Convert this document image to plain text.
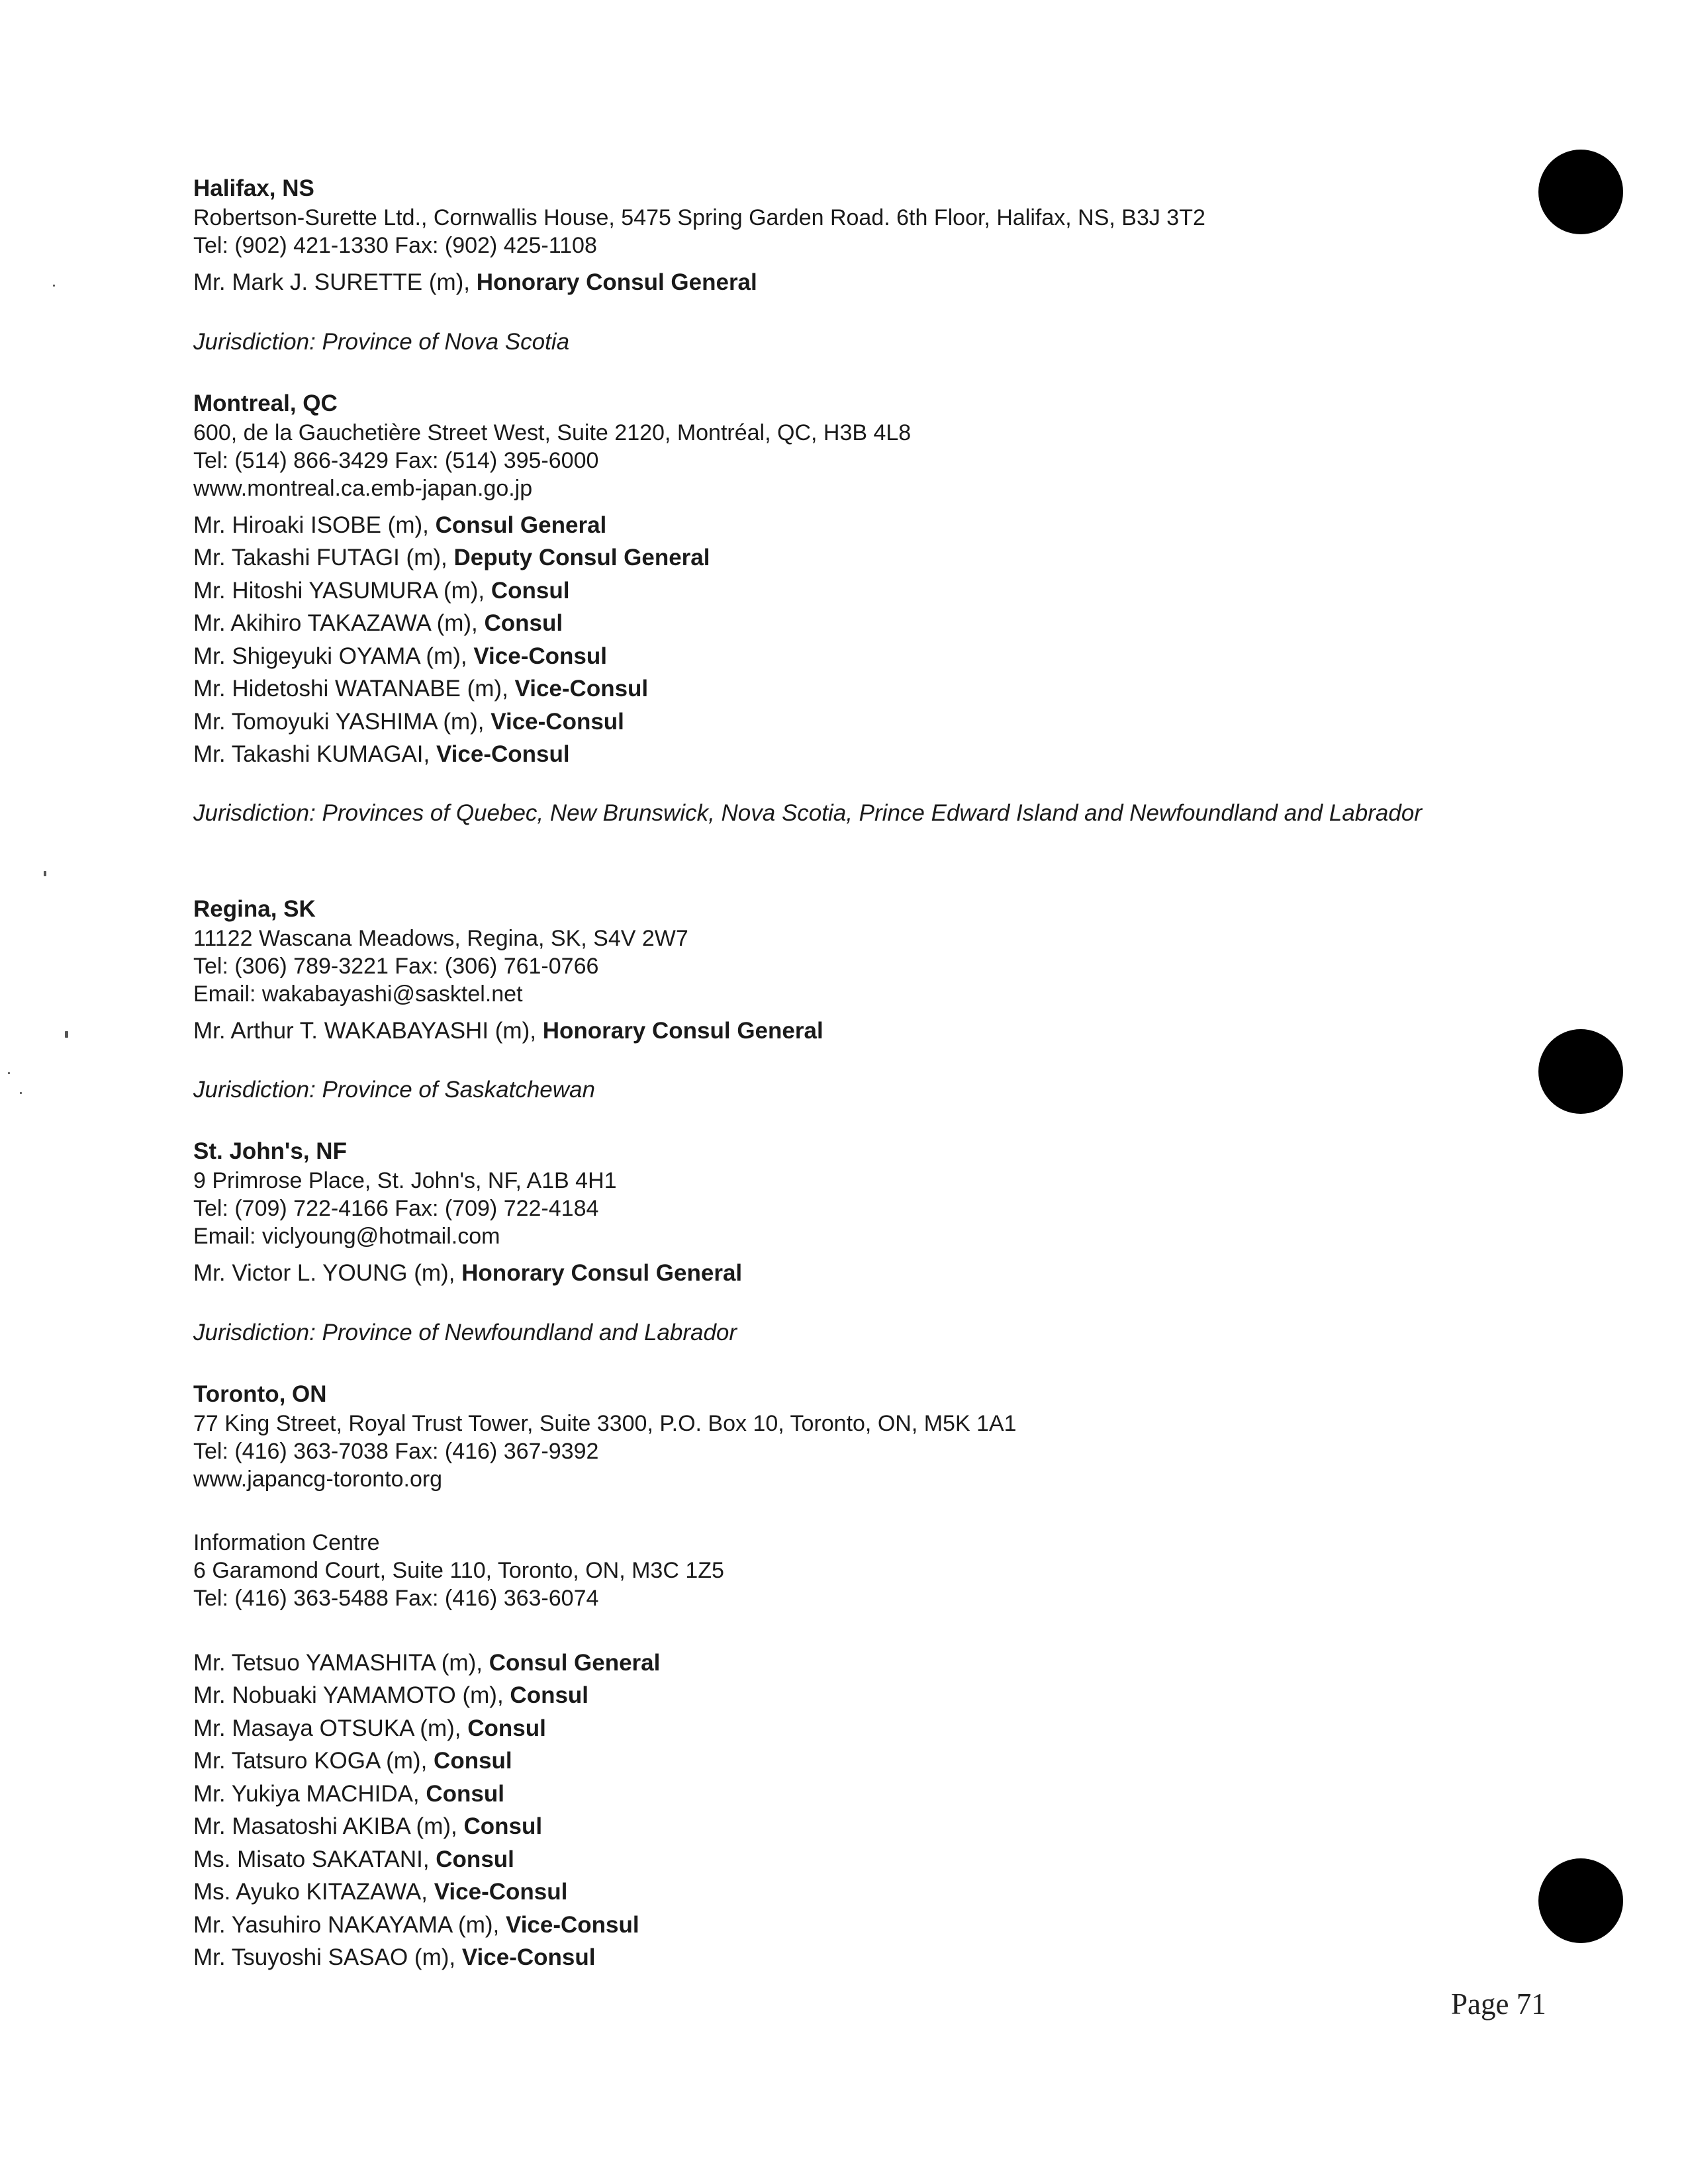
Halifax, NS
Robertson-Surette Ltd., Cornwallis House, 5475 Spring Garden Road. 6th Floor, Halifax, NS, B3J 3T2
Tel: (902) 421-1330 Fax: (902) 425-1108
Mr. Mark J. SURETTE (m), Honorary Consul General
Jurisdiction: Province of Nova Scotia
Montreal, QC
600, de la Gauchetière Street West, Suite 2120, Montréal, QC, H3B 4L8
Tel: (514) 866-3429 Fax: (514) 395-6000
www.montreal.ca.emb-japan.go.jp
Mr. Hiroaki ISOBE (m), Consul General
Mr. Takashi FUTAGI (m), Deputy Consul General
Mr. Hitoshi YASUMURA (m), Consul
Mr. Akihiro TAKAZAWA (m), Consul
Mr. Shigeyuki OYAMA (m), Vice-Consul
Mr. Hidetoshi WATANABE (m), Vice-Consul
Mr. Tomoyuki YASHIMA (m), Vice-Consul
Mr. Takashi KUMAGAI, Vice-Consul
Jurisdiction: Provinces of Quebec, New Brunswick, Nova Scotia, Prince Edward Island and Newfoundland and Labrador
Regina, SK
11122 Wascana Meadows, Regina, SK, S4V 2W7
Tel: (306) 789-3221 Fax: (306) 761-0766
Email: wakabayashi@sasktel.net
Mr. Arthur T. WAKABAYASHI (m), Honorary Consul General
Jurisdiction: Province of Saskatchewan
St. John's, NF
9 Primrose Place, St. John's, NF, A1B 4H1
Tel: (709) 722-4166 Fax: (709) 722-4184
Email: viclyoung@hotmail.com
Mr. Victor L. YOUNG (m), Honorary Consul General
Jurisdiction: Province of Newfoundland and Labrador
Toronto, ON
77 King Street, Royal Trust Tower, Suite 3300, P.O. Box 10, Toronto, ON, M5K 1A1
Tel: (416) 363-7038 Fax: (416) 367-9392
www.japancg-toronto.org
Information Centre
6 Garamond Court, Suite 110, Toronto, ON, M3C 1Z5
Tel: (416) 363-5488 Fax: (416) 363-6074
Mr. Tetsuo YAMASHITA (m), Consul General
Mr. Nobuaki YAMAMOTO (m), Consul
Mr. Masaya OTSUKA (m), Consul
Mr. Tatsuro KOGA (m), Consul
Mr. Yukiya MACHIDA, Consul
Mr. Masatoshi AKIBA (m), Consul
Ms. Misato SAKATANI, Consul
Ms. Ayuko KITAZAWA, Vice-Consul
Mr. Yasuhiro NAKAYAMA (m), Vice-Consul
Mr. Tsuyoshi SASAO (m), Vice-Consul
Page 71
